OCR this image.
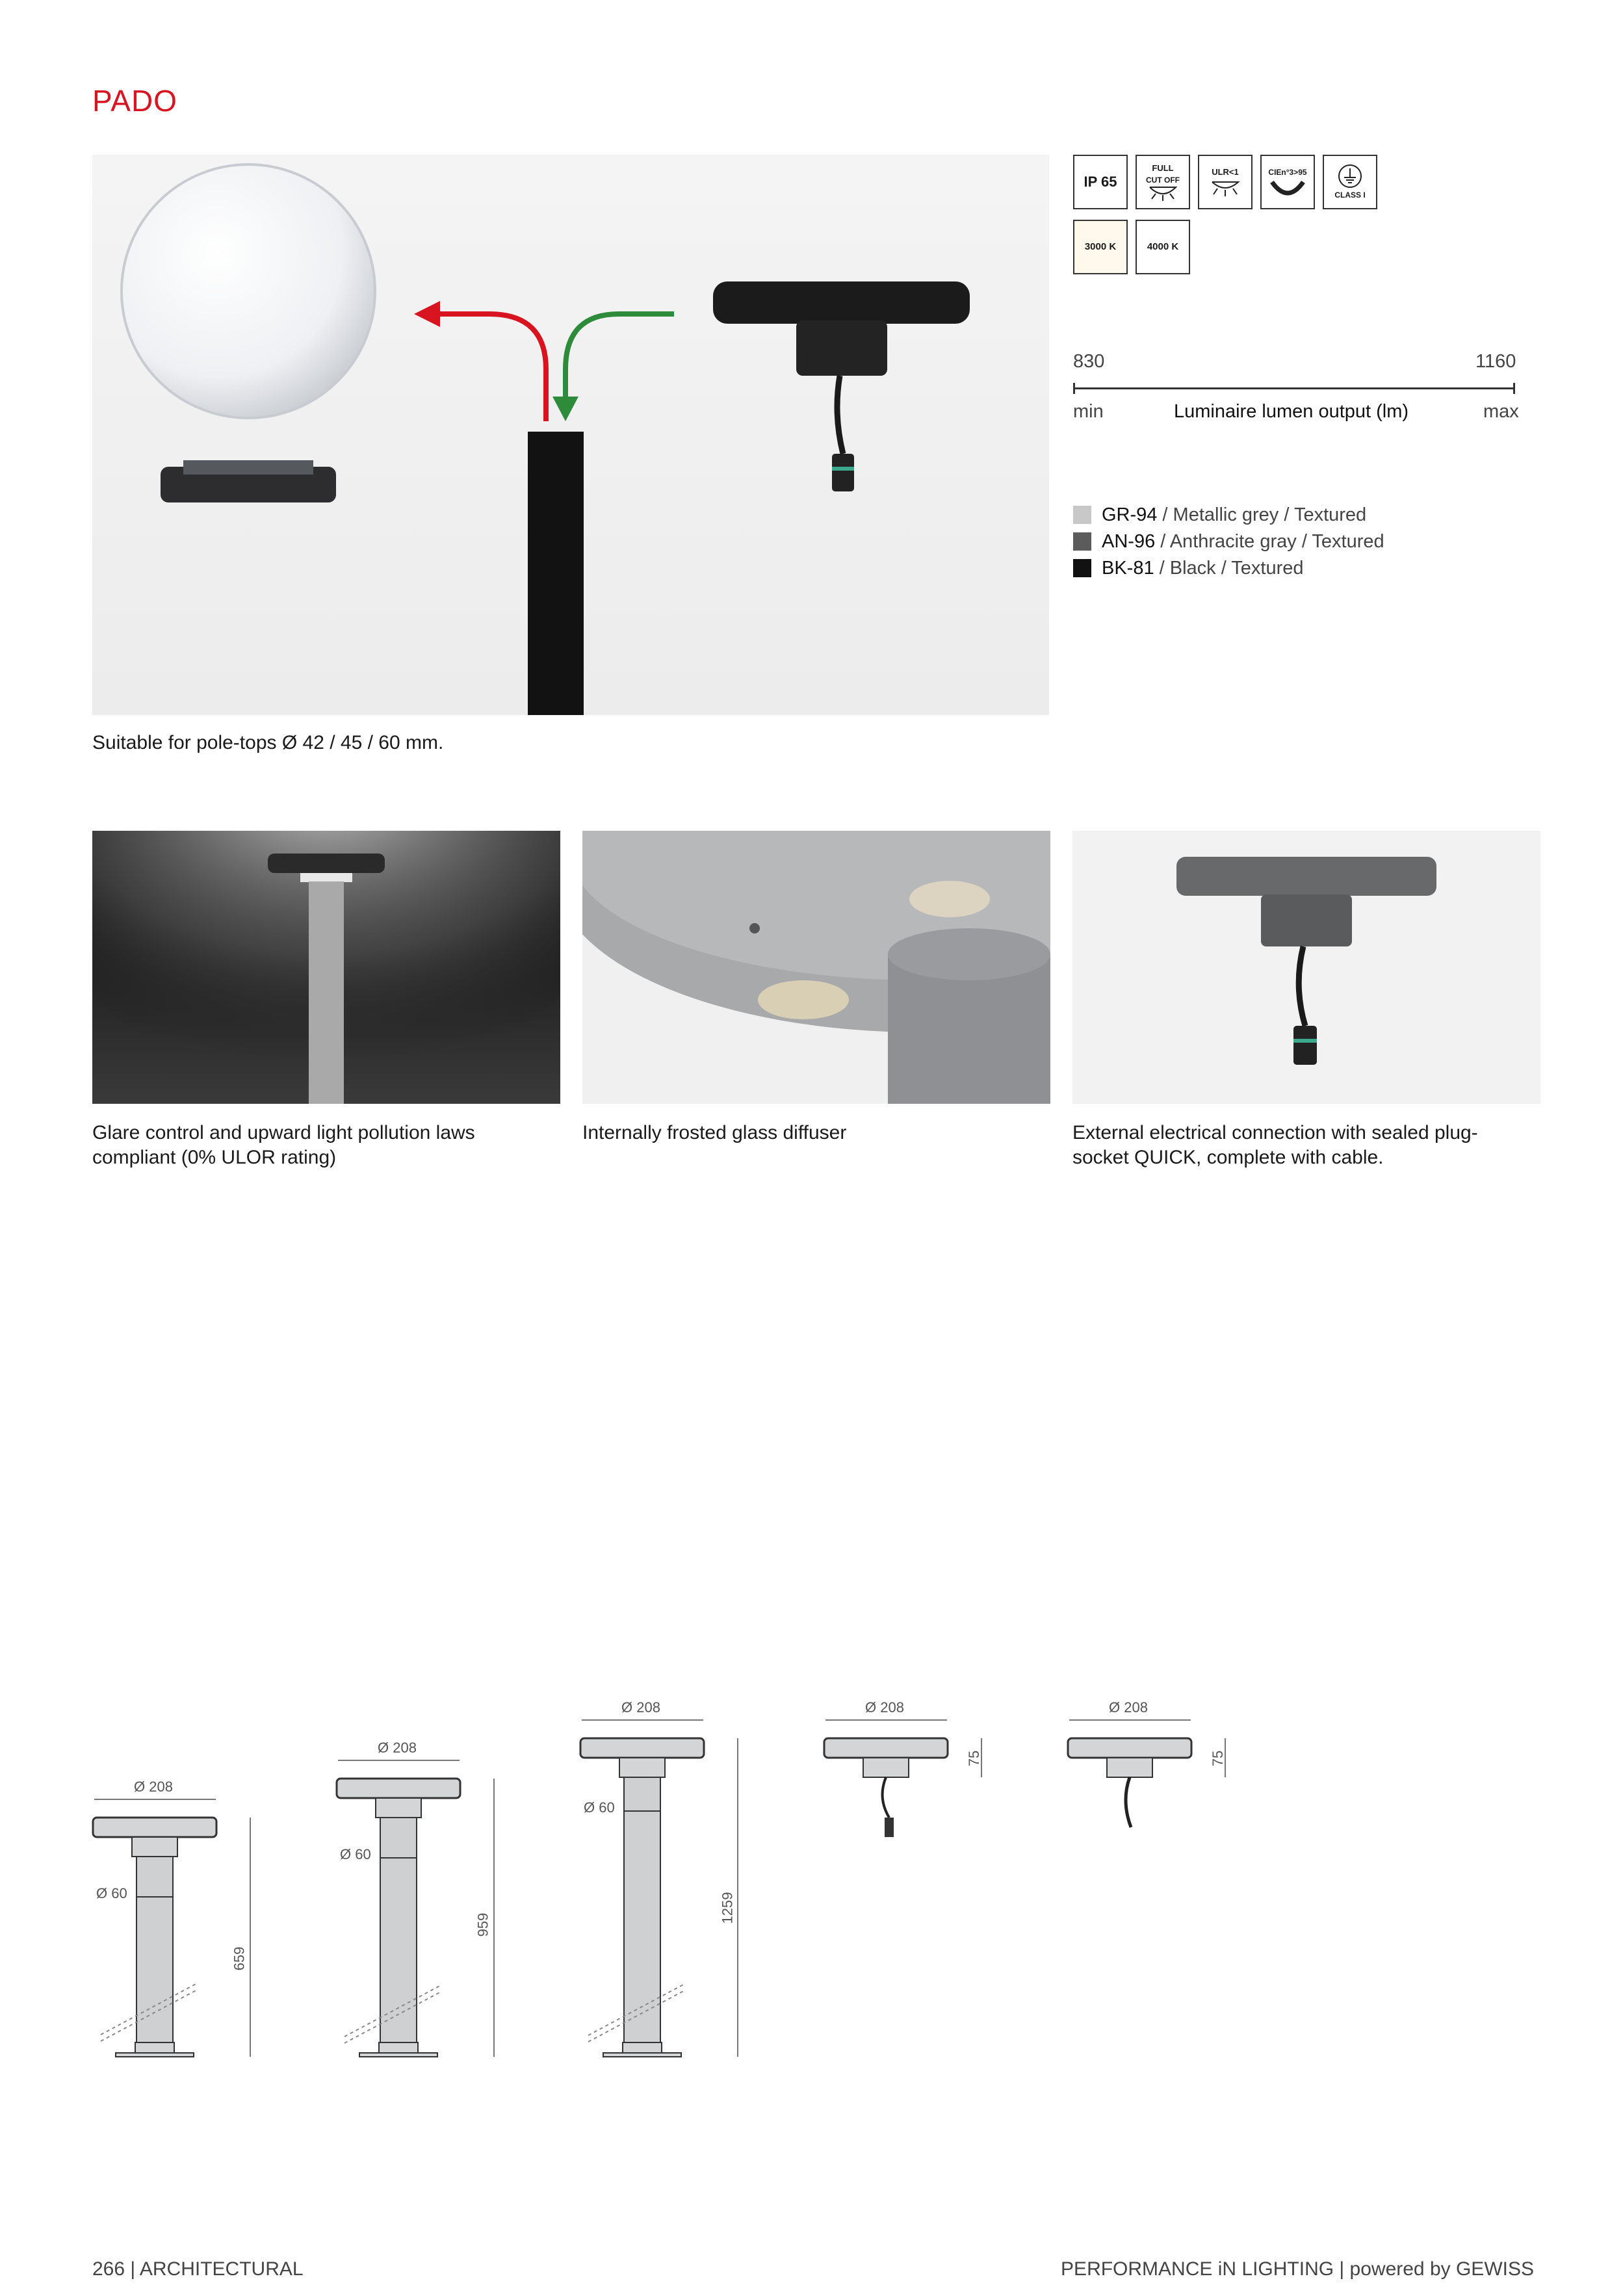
PADO
Suitable for pole-tops Ø 42 / 45 / 60 mm.
IP 65
FULL
CUT OFF
ULR<1	CIEn°3>95
CLASS I
3000 K	4000 K
830	1160
min	Luminaire lumen output (lm)	max
GR-94 / Metallic grey / Textured
AN-96 / Anthracite gray / Textured
BK-81 / Black / Textured
Glare control and upward light pollution laws
compliant (0% ULOR rating)
Internally frosted glass diffuser	External electrical connection with sealed plug-
socket QUICK, complete with cable.
Ø 208
Ø 60
659
Ø 208
Ø 60
959
Ø 208
Ø 60
1259
Ø 208
75
Ø 208
75
266 | ARCHITECTURAL	PERFORMANCE iN LIGHTING | powered by GEWISS
